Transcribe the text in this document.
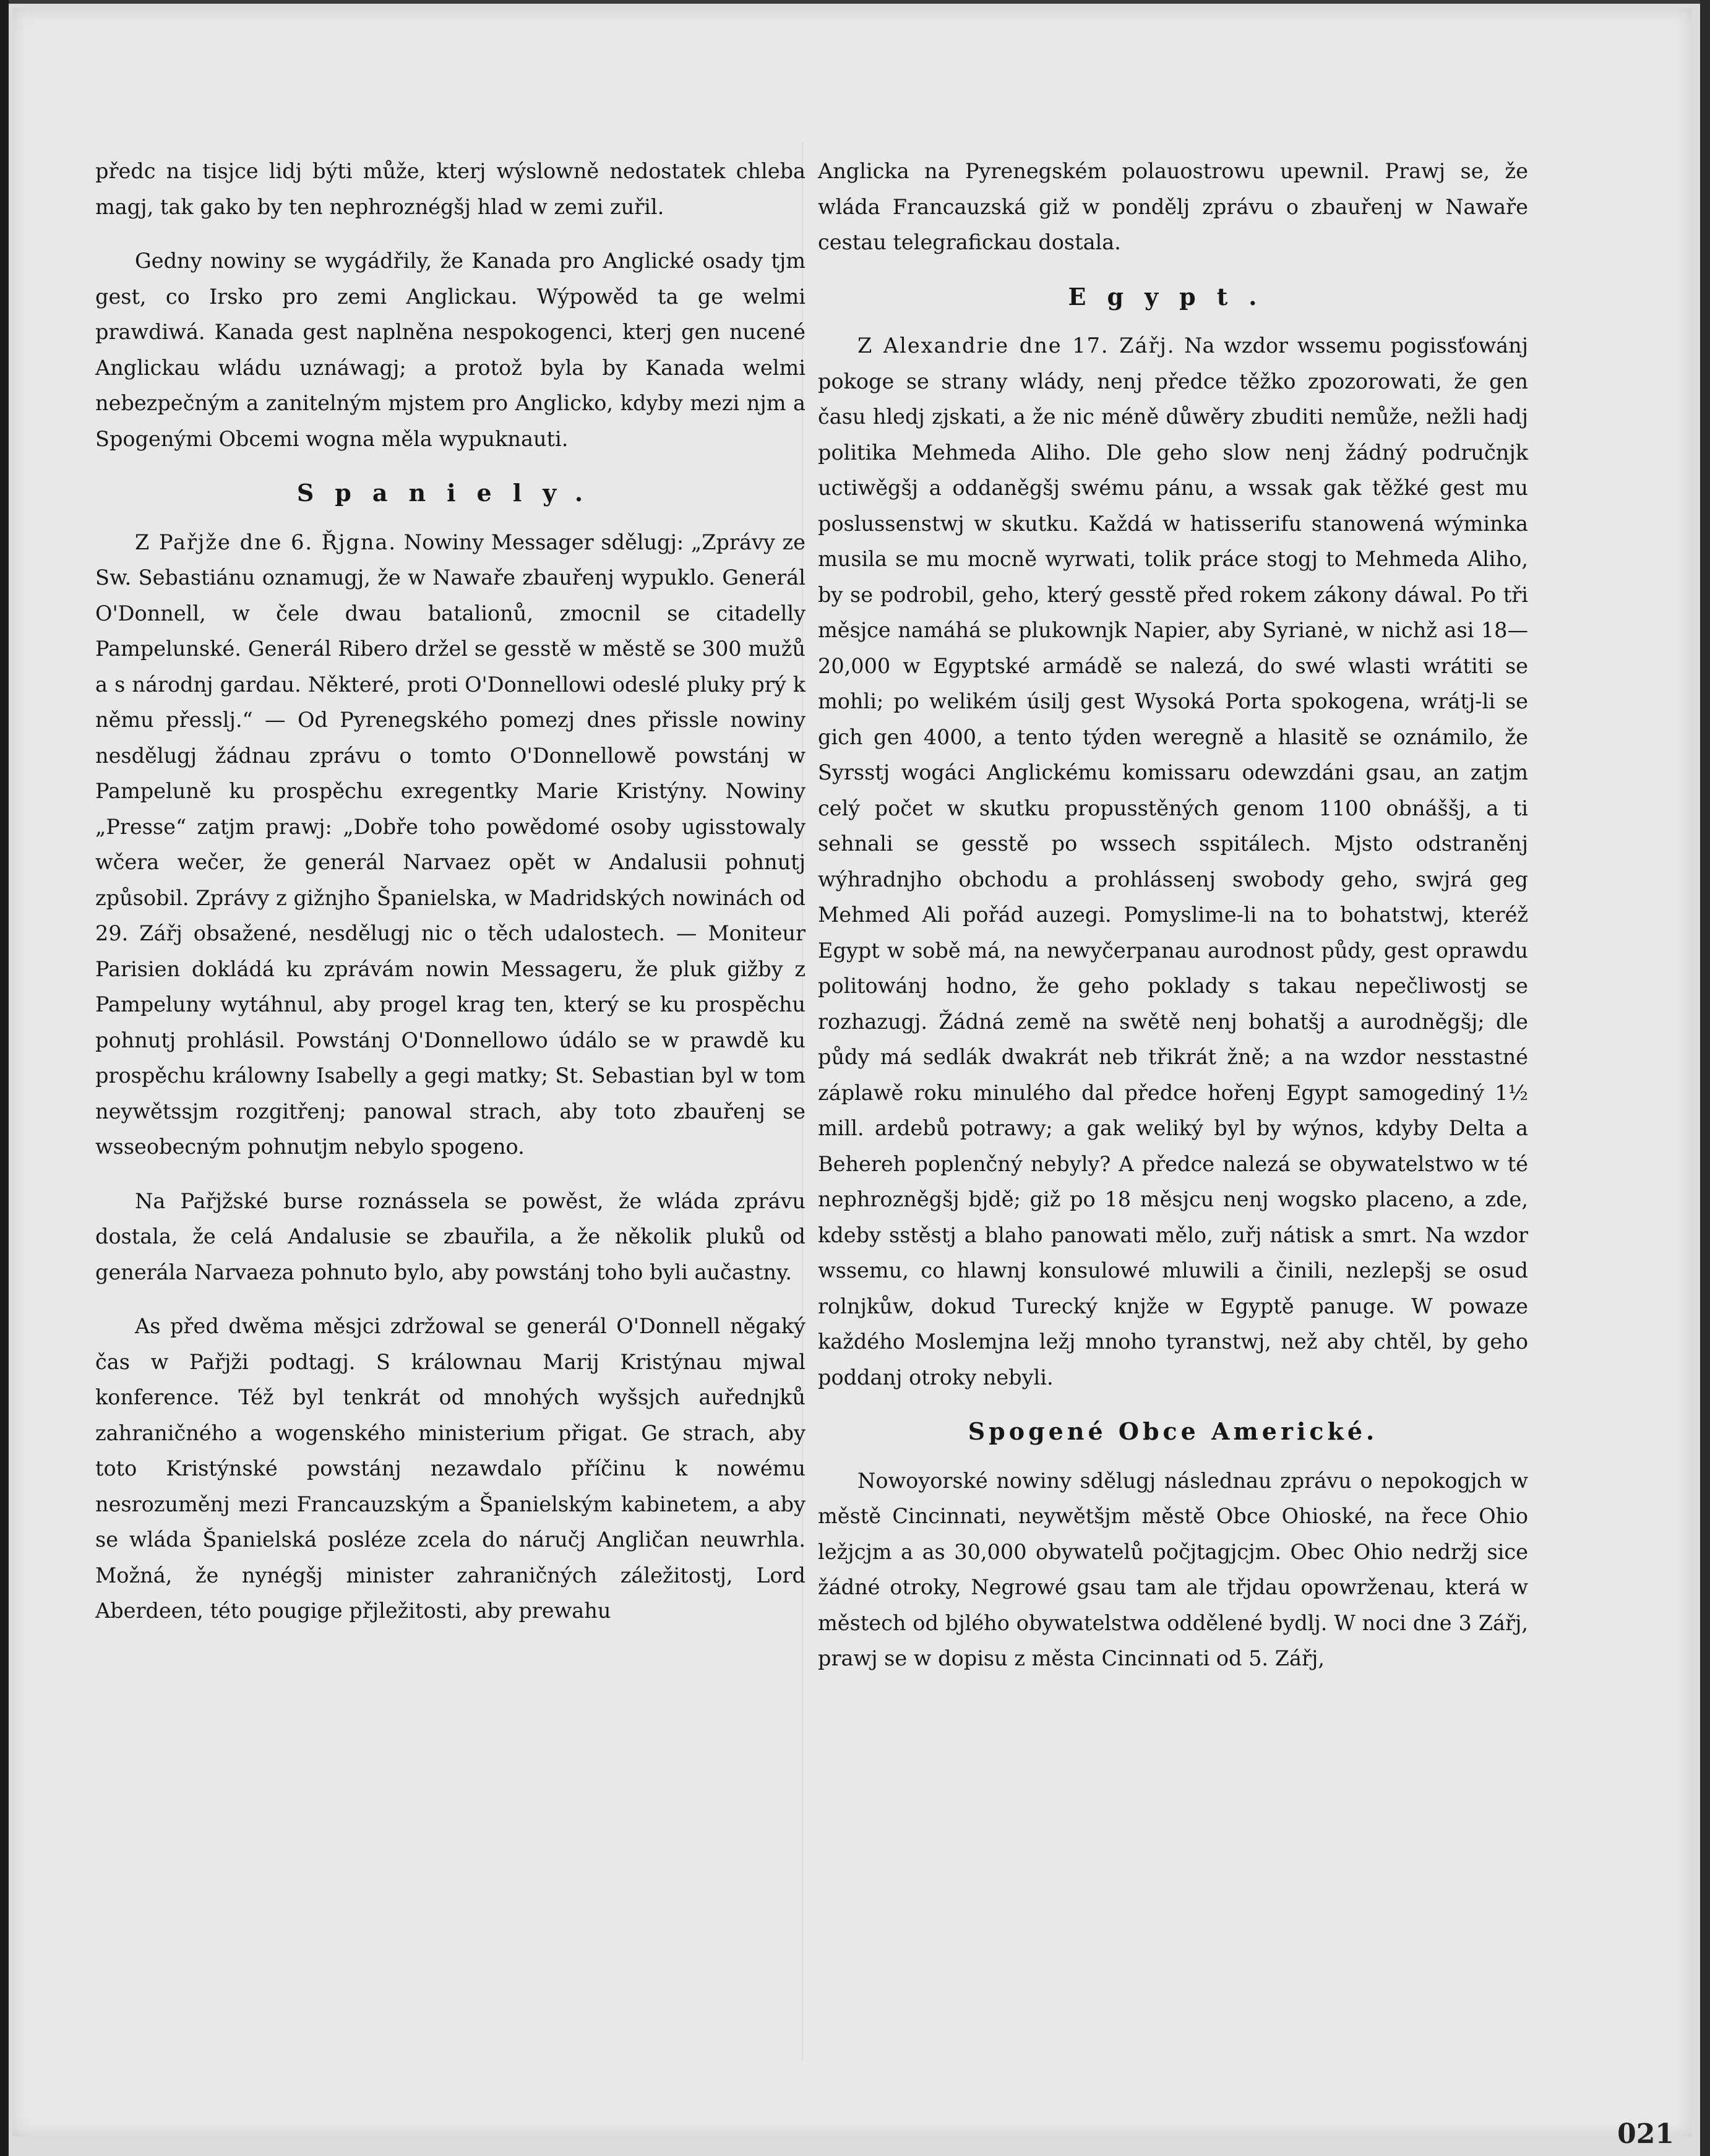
předc na tisjce lidj býti může, kterj wýslowně nedostatek chleba magj, tak gako by ten nephroznégšj hlad w zemi zuřil.

Gedny nowiny se wygádřily, že Kanada pro Anglické osady tjm gest, co Irsko pro zemi Anglickau. Wýpowěd ta ge welmi prawdiwá. Kanada gest naplněna nespokogenci, kterj gen nucené Anglickau wládu uznáwagj; a protož byla by Kanada welmi nebezpečným a zanitelným mjstem pro Anglicko, kdyby mezi njm a Spogenými Obcemi wogna měla wypuknauti.

Spaniely.

Z Pařjže dne 6. Řjgna. Nowiny Messager sdělugj: „Zprávy ze Sw. Sebastiánu oznamugj, že w Nawaře zbauřenj wypuklo. Generál O'Donnell, w čele dwau batalionů, zmocnil se citadelly Pampelunské. Generál Ribero držel se gesstě w městě se 300 mužů a s národnj gardau. Některé, proti O'Donnellowi odeslé pluky prý k němu přesslj.“ — Od Pyrenegského pomezj dnes přissle nowiny nesdělugj žádnau zprávu o tomto O'Donnellowě powstánj w Pampeluně ku prospěchu exregentky Marie Kristýny. Nowiny „Presse“ zatjm prawj: „Dobře toho powědomé osoby ugisstowaly wčera wečer, že generál Narvaez opět w Andalusii pohnutj způsobil. Zprávy z gižnjho Španielska, w Madridských nowinách od 29. Zářj obsažené, nesdělugj nic o těch udalostech. — Moniteur Parisien dokládá ku zprávám nowin Messageru, že pluk gižby z Pampeluny wytáhnul, aby progel krag ten, který se ku prospěchu pohnutj prohlásil. Powstánj O'Donnellowo údálo se w prawdě ku prospěchu králowny Isabelly a gegi matky; St. Sebastian byl w tom neywětssjm rozgitřenj; panowal strach, aby toto zbauřenj se wsseobecným pohnutjm nebylo spogeno.

Na Pařjžské burse roznássela se powěst, že wláda zprávu dostala, že celá Andalusie se zbauřila, a že několik pluků od generála Narvaeza pohnuto bylo, aby powstánj toho byli aučastny.

As před dwěma měsjci zdržowal se generál O'Donnell něgaký čas w Pařjži podtagj. S králownau Marij Kristýnau mjwal konference. Též byl tenkrát od mnohých wyšsjch auřednjků zahraničného a wogenského ministerium přigat. Ge strach, aby toto Kristýnské powstánj nezawdalo příčinu k nowému nesrozuměnj mezi Francauzským a Španielským kabinetem, a aby se wláda Španielská posléze zcela do náručj Angličan neuwrhla. Možná, že nynégšj minister zahraničných záležitostj, Lord Aberdeen, této pougige přjležitosti, aby prewahu

Anglicka na Pyrenegském polauostrowu upewnil. Prawj se, že wláda Francauzská giž w pondělj zprávu o zbauřenj w Nawaře cestau telegrafickau dostala.

Egypt.

Z Alexandrie dne 17. Zářj. Na wzdor wssemu pogissťowánj pokoge se strany wlády, nenj předce těžko zpozorowati, že gen času hledj zjskati, a že nic méně důwěry zbuditi nemůže, nežli hadj politika Mehmeda Aliho. Dle geho slow nenj žádný područnjk uctiwěgšj a oddaněgšj swému pánu, a wssak gak těžké gest mu poslussenstwj w skutku. Každá w hatisserifu stanowená wýminka musila se mu mocně wyrwati, tolik práce stogj to Mehmeda Aliho, by se podrobil, geho, který gesstě před rokem zákony dáwal. Po tři měsjce namáhá se plukownjk Napier, aby Syrianė, w nichž asi 18—20,000 w Egyptské armádě se nalezá, do swé wlasti wrátiti se mohli; po welikém úsilj gest Wysoká Porta spokogena, wrátj-li se gich gen 4000, a tento týden weregně a hlasitě se oznámilo, že Syrsstj wogáci Anglickému komissaru odewzdáni gsau, an zatjm celý počet w skutku propusstěných genom 1100 obnáššj, a ti sehnali se gesstě po wssech sspitálech. Mjsto odstraněnj wýhradnjho obchodu a prohlássenj swobody geho, swjrá geg Mehmed Ali pořád auzegi. Pomyslime-li na to bohatstwj, kteréž Egypt w sobě má, na newyčerpanau aurodnost půdy, gest oprawdu politowánj hodno, že geho poklady s takau nepečliwostj se rozhazugj. Žádná země na swětě nenj bohatšj a aurodněgšj; dle půdy má sedlák dwakrát neb třikrát žně; a na wzdor nesstastné záplawě roku minulého dal předce hořenj Egypt samogediný 1½ mill. ardebů potrawy; a gak weliký byl by wýnos, kdyby Delta a Behereh poplenčný nebyly? A předce nalezá se obywatelstwo w té nephrozněgšj bjdě; giž po 18 měsjcu nenj wogsko placeno, a zde, kdeby sstěstj a blaho panowati mělo, zuřj nátisk a smrt. Na wzdor wssemu, co hlawnj konsulowé mluwili a činili, nezlepšj se osud rolnjkůw, dokud Turecký knjže w Egyptě panuge. W powaze každého Moslemjna ležj mnoho tyranstwj, než aby chtěl, by geho poddanj otroky nebyli.

Spogené Obce Americké.

Nowoyorské nowiny sdělugj následnau zprávu o nepokogjch w městě Cincinnati, neywětšjm městě Obce Ohioské, na řece Ohio ležjcjm a as 30,000 obywatelů počjtagjcjm. Obec Ohio nedržj sice žádné otroky, Negrowé gsau tam ale třjdau opowrženau, která w městech od bjlého obywatelstwa oddělené bydlj. W noci dne 3 Zářj, prawj se w dopisu z města Cincinnati od 5. Zářj,

021
